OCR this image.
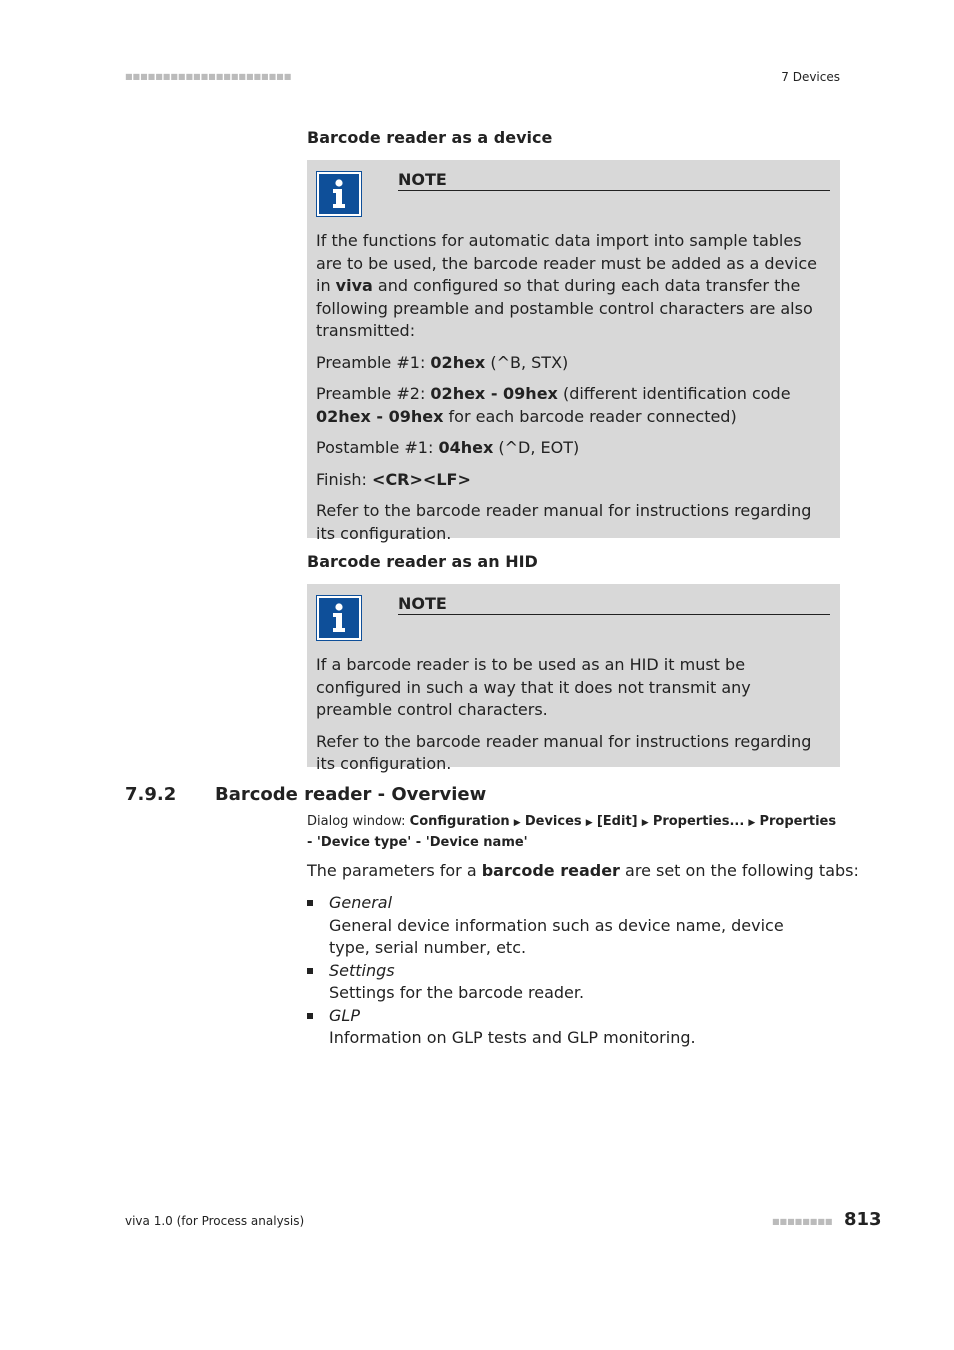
■■■■■■■■■■■■■■■■■■■■■■	7 Devices
Barcode reader as a device
NOTE

If the functions for automatic data import into sample tables are to be used, the barcode reader must be added as a device in viva and configured so that during each data transfer the following preamble and postamble control characters are also transmitted:

Preamble #1: 02hex (^B, STX)

Preamble #2: 02hex - 09hex (different identification code 02hex - 09hex for each barcode reader connected)

Postamble #1: 04hex (^D, EOT)

Finish: <CR><LF>

Refer to the barcode reader manual for instructions regarding its configuration.

Barcode reader as an HID
NOTE

If a barcode reader is to be used as an HID it must be configured in such a way that it does not transmit any preamble control characters.

Refer to the barcode reader manual for instructions regarding its configuration.

7.9.2 Barcode reader - Overview
Dialog window: Configuration ▶ Devices ▶ [Edit] ▶ Properties... ▶ Properties - 'Device type' - 'Device name'
The parameters for a barcode reader are set on the following tabs:
General
General device information such as device name, device type, serial number, etc.
Settings
Settings for the barcode reader.
GLP
Information on GLP tests and GLP monitoring.
viva 1.0 (for Process analysis)	■■■■■■■■ 813
